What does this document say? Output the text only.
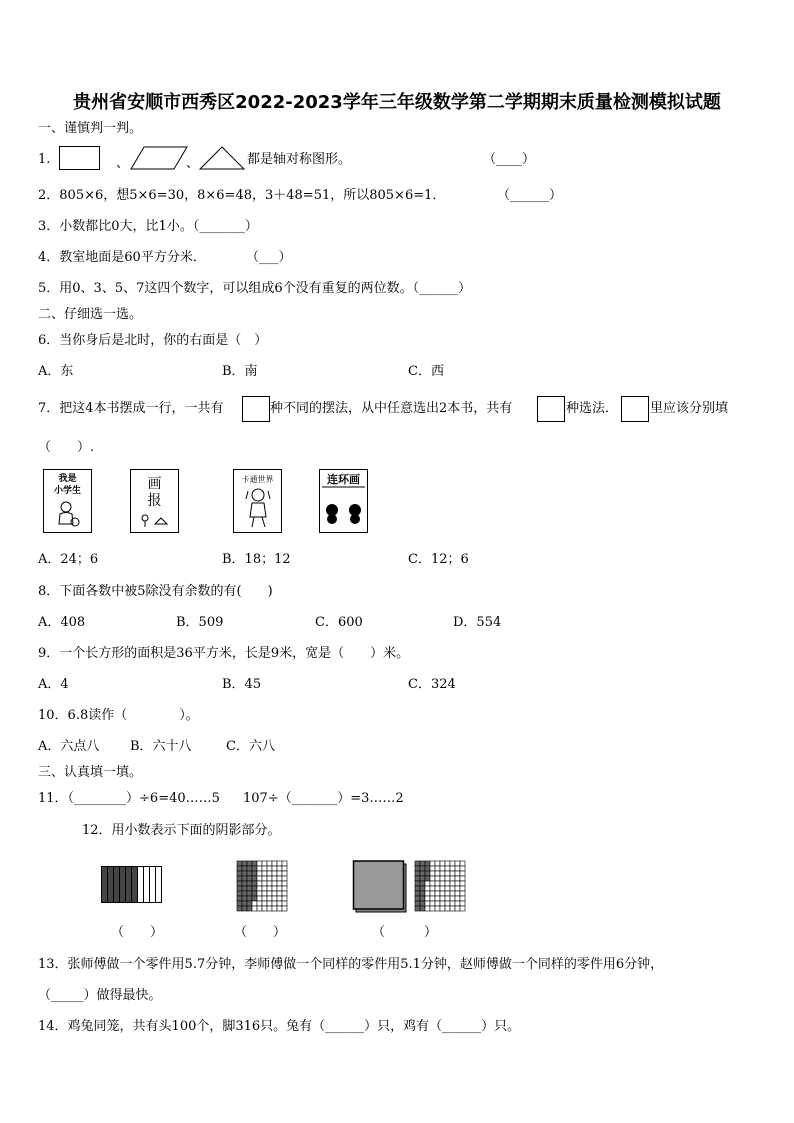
贵州省安顺市西秀区2022-2023学年三年级数学第二学期期末质量检测模拟试题
一、谨慎判一判。
1.	、	、	都是轴对称图形。	（____）
2．805×6，想5×6=30，8×6=48，3＋48=51，所以805×6=1．	（______）
3．小数都比0大，比1小。（_______）
4．教室地面是60平方分米．	（___）
5．用0、3、5、7这四个数字，可以组成6个没有重复的两位数。（______）
二、仔细选一选。
6．当你身后是北时，你的右面是（　）
A．东	B．南	C．西
7．把这4本书摆成一行，一共有	种不同的摆法，从中任意选出2本书，共有	种选法． 里应该分别填
（　　）.
我是
小学生	画
报
卡通世界	连环画
A．24；6	B．18；12	C．12；6
8．下面各数中被5除没有余数的有(　　)
A．408	B．509	C．600	D．554
9．一个长方形的面积是36平方米，长是9米，宽是（　　）米。
A．4	B．45	C．324
10．6.8读作（　　　　）。
A．六点八 B．六十八	C．六八
三、认真填一填。
11．（________）÷6=40……5 107÷（_______）=3……2
12．用小数表示下面的阴影部分。
（　　）	（　　）	（　　　）
13．张师傅做一个零件用5.7分钟，李师傅做一个同样的零件用5.1分钟，赵师傅做一个同样的零件用6分钟，
（_____）做得最快。
14．鸡兔同笼，共有头100个，脚316只。兔有（______）只，鸡有（______）只。
